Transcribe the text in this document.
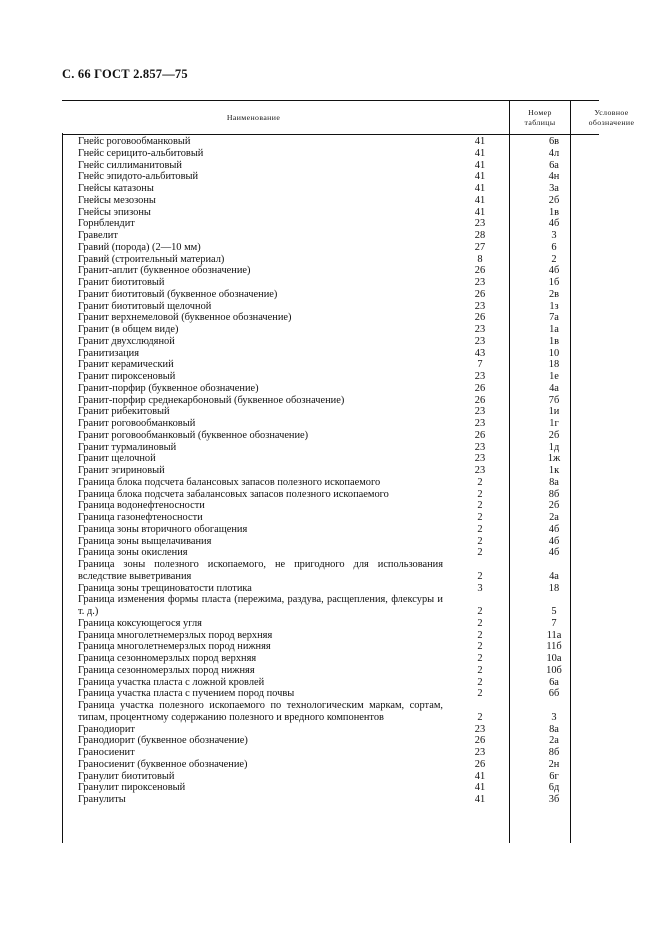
С. 66 ГОСТ 2.857—75
Наименование
Номер
таблицы
Условное
обозначение
Гнейс роговообманковый	41	6в
Гнейс серицито-альбитовый	41	4л
Гнейс силлиманитовый	41	6а
Гнейс эпидото-альбитовый	41	4н
Гнейсы катазоны	41	3а
Гнейсы мезозоны	41	2б
Гнейсы эпизоны	41	1в
Горнблендит	23	4б
Гравелит	28	3
Гравий (порода) (2—10 мм)	27	6
Гравий (строительный материал)	8	2
Гранит-аплит (буквенное обозначение)	26	4б
Гранит биотитовый	23	1б
Гранит биотитовый (буквенное обозначение)	26	2в
Гранит биотитовый щелочной	23	1з
Гранит верхнемеловой (буквенное обозначение)	26	7а
Гранит (в общем виде)	23	1а
Гранит двухслюдяной	23	1в
Гранитизация	43	10
Гранит керамический	7	18
Гранит пироксеновый	23	1е
Гранит-порфир (буквенное обозначение)	26	4а
Гранит-порфир среднекарбоновый (буквенное обозначение)	26	7б
Гранит рибекитовый	23	1и
Гранит роговообманковый	23	1г
Гранит роговообманковый (буквенное обозначение)	26	2б
Гранит турмалиновый	23	1д
Гранит щелочной	23	1ж
Гранит эгириновый	23	1к
Граница блока подсчета балансовых запасов полезного ископаемого	2	8а
Граница блока подсчета забалансовых запасов полезного ископаемого	2	8б
Граница водонефтеносности	2	2б
Граница газонефтеносности	2	2а
Граница зоны вторичного обогащения	2	4б
Граница зоны выщелачивания	2	4б
Граница зоны окисления	2	4б
Граница зоны полезного ископаемого, не пригодного для использования вследствие выветривания	2	4а
Граница зоны трещиноватости плотика	3	18
Граница изменения формы пласта (пережима, раздува, расщепления, флексуры и т. д.)	2	5
Граница коксующегося угля	2	7
Граница многолетнемерзлых пород верхняя	2	11а
Граница многолетнемерзлых пород нижняя	2	11б
Граница сезонномерзлых пород верхняя	2	10а
Граница сезонномерзлых пород нижняя	2	10б
Граница участка пласта с ложной кровлей	2	6а
Граница участка пласта с пучением пород почвы	2	6б
Граница участка полезного ископаемого по технологическим маркам, сортам, типам, процентному содержанию полезного и вредного компонентов	2	3
Гранодиорит	23	8а
Гранодиорит (буквенное обозначение)	26	2а
Граносиенит	23	8б
Граносиенит (буквенное обозначение)	26	2н
Гранулит биотитовый	41	6г
Гранулит пироксеновый	41	6д
Гранулиты	41	3б
